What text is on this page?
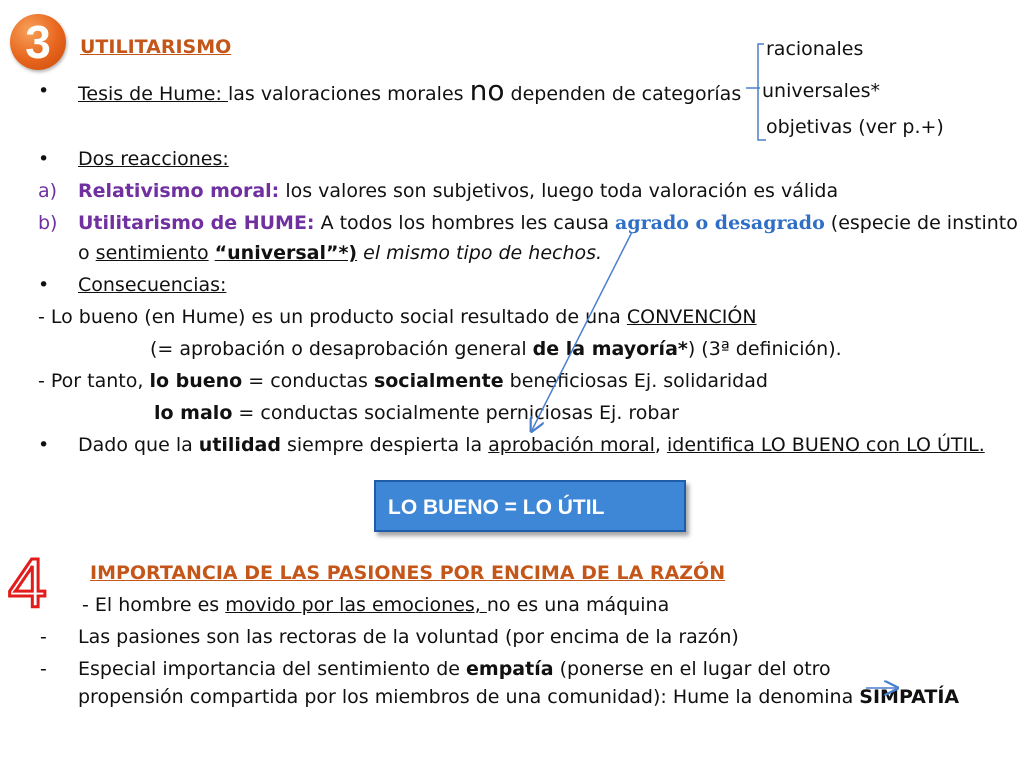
3	UTILITARISMO	racionales
universales*
objetivas (ver p.+)
• Tesis de Hume: las valoraciones morales no dependen de categorías
• Dos reacciones:
a) Relativismo moral: los valores son subjetivos, luego toda valoración es válida
b) Utilitarismo de HUME: A todos los hombres les causa agrado o desagrado (especie de instinto
o sentimiento “universal”*) el mismo tipo de hechos.
• Consecuencias:
- Lo bueno (en Hume) es un producto social resultado de una CONVENCIÓN
(= aprobación o desaprobación general de la mayoría*) (3ª definición).
- Por tanto, lo bueno = conductas socialmente beneficiosas Ej. solidaridad
lo malo = conductas socialmente perniciosas Ej. robar
• Dado que la utilidad siempre despierta la aprobación moral, identifica LO BUENO con LO ÚTIL.
LO BUENO = LO ÚTIL
4 IMPORTANCIA DE LAS PASIONES POR ENCIMA DE LA RAZÓN
- El hombre es movido por las emociones, no es una máquina
- Las pasiones son las rectoras de la voluntad (por encima de la razón)
- Especial importancia del sentimiento de empatía (ponerse en el lugar del otro
propensión compartida por los miembros de una comunidad): Hume la denomina SIMPATÍA
